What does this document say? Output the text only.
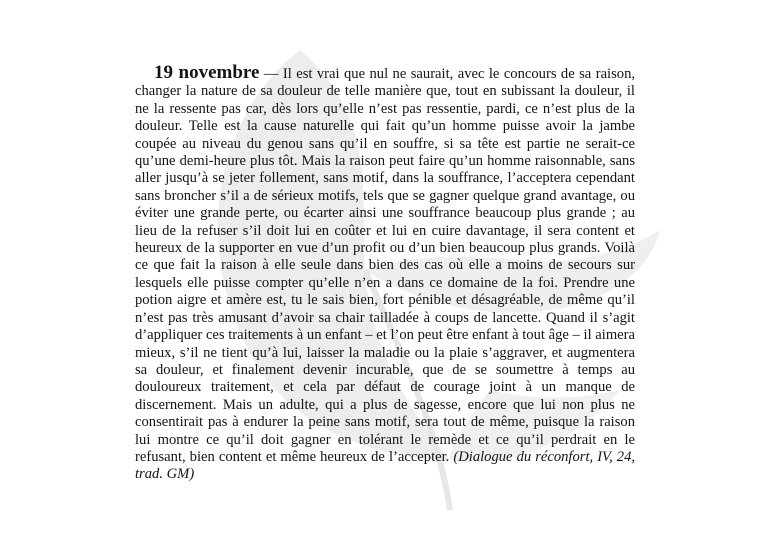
19 novembre — Il est vrai que nul ne saurait, avec le concours de sa raison, changer la nature de sa douleur de telle manière que, tout en subissant la douleur, il ne la ressente pas car, dès lors qu’elle n’est pas ressentie, pardi, ce n’est plus de la douleur. Telle est la cause naturelle qui fait qu’un homme puisse avoir la jambe coupée au niveau du genou sans qu’il en souffre, si sa tête est partie ne serait-ce qu’une demi-heure plus tôt. Mais la raison peut faire qu’un homme raisonnable, sans aller jusqu’à se jeter follement, sans motif, dans la souffrance, l’acceptera cependant sans broncher s’il a de sérieux motifs, tels que se gagner quelque grand avantage, ou éviter une grande perte, ou écarter ainsi une souffrance beaucoup plus grande ; au lieu de la refuser s’il doit lui en coûter et lui en cuire davantage, il sera content et heureux de la supporter en vue d’un profit ou d’un bien beaucoup plus grands. Voilà ce que fait la raison à elle seule dans bien des cas où elle a moins de secours sur lesquels elle puisse compter qu’elle n’en a dans ce domaine de la foi. Prendre une potion aigre et amère est, tu le sais bien, fort pénible et désagréable, de même qu’il n’est pas très amusant d’avoir sa chair tailladée à coups de lancette. Quand il s’agit d’appliquer ces traitements à un enfant – et l’on peut être enfant à tout âge – il aimera mieux, s’il ne tient qu’à lui, laisser la maladie ou la plaie s’aggraver, et augmentera sa douleur, et finalement devenir incurable, que de se soumettre à temps au douloureux traitement, et cela par défaut de courage joint à un manque de discernement. Mais un adulte, qui a plus de sagesse, encore que lui non plus ne consentirait pas à endurer la peine sans motif, sera tout de même, puisque la raison lui montre ce qu’il doit gagner en tolérant le remède et ce qu’il perdrait en le refusant, bien content et même heureux de l’accepter. (Dialogue du réconfort, IV, 24, trad. GM)
